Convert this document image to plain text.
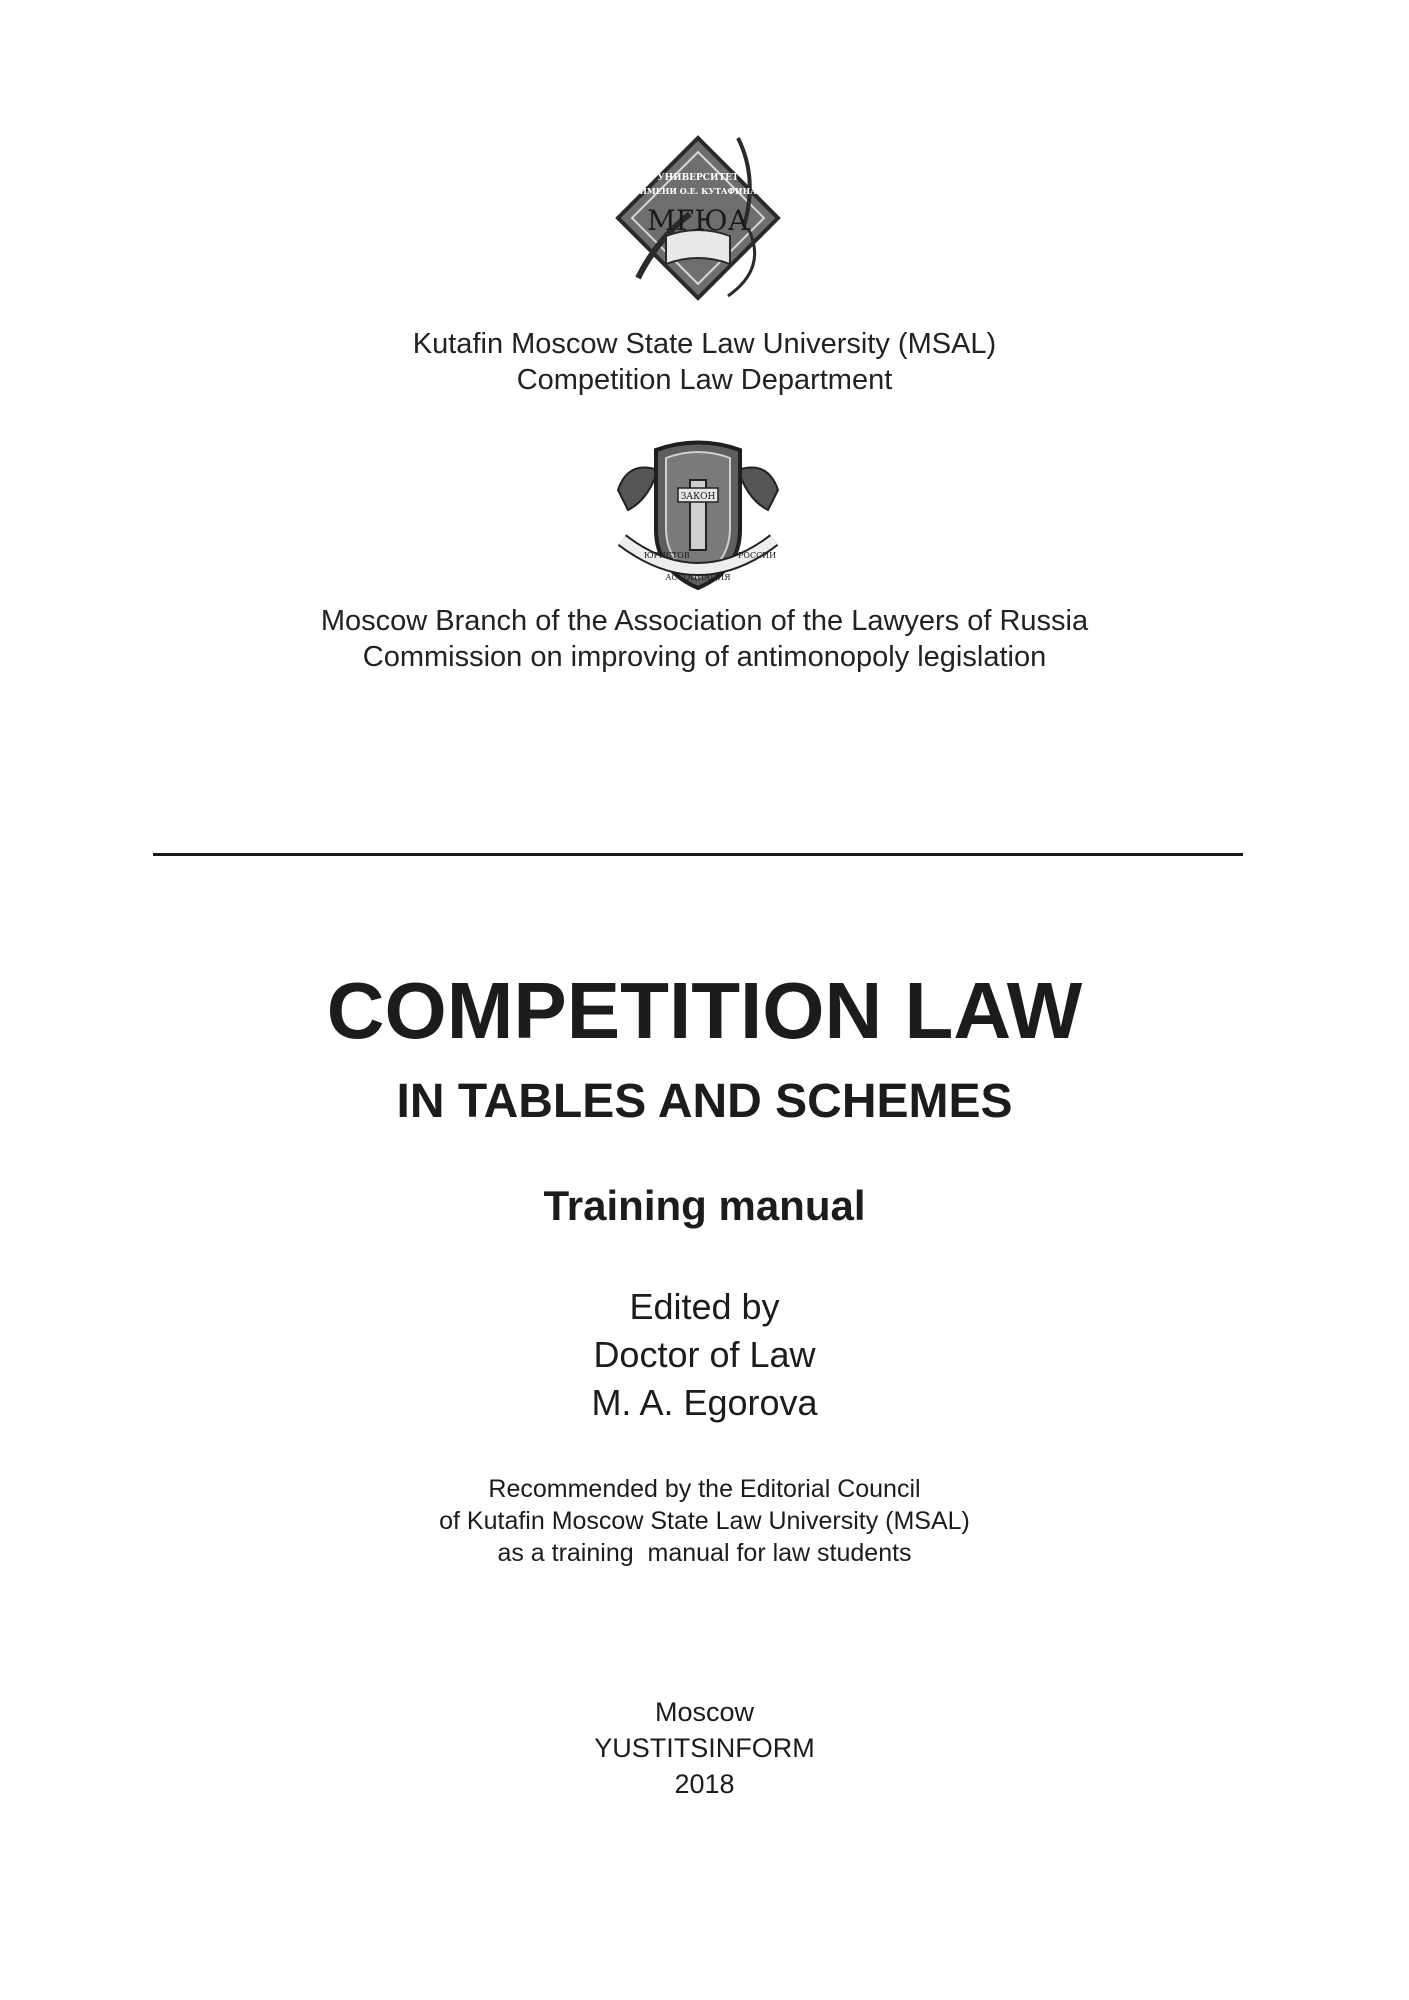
УНИВЕРСИТЕТ
ИМЕНИ О.Е. КУТАФИНА
МГЮА
Kutafin Moscow State Law University (MSAL)
Competition Law Department
ЗАКОН
ЮРИСТОВ
АССОЦИАЦИЯ
РОССИИ
Moscow Branch of the Association of the Lawyers of Russia
Commission on improving of antimonopoly legislation
COMPETITION LAW
IN TABLES AND SCHEMES
Training manual
Edited by
Doctor of Law
M. A. Egorova
Recommended by the Editorial Council
of Kutafin Moscow State Law University (MSAL)
as a training  manual for law students
Moscow
YUSTITSINFORM
2018
